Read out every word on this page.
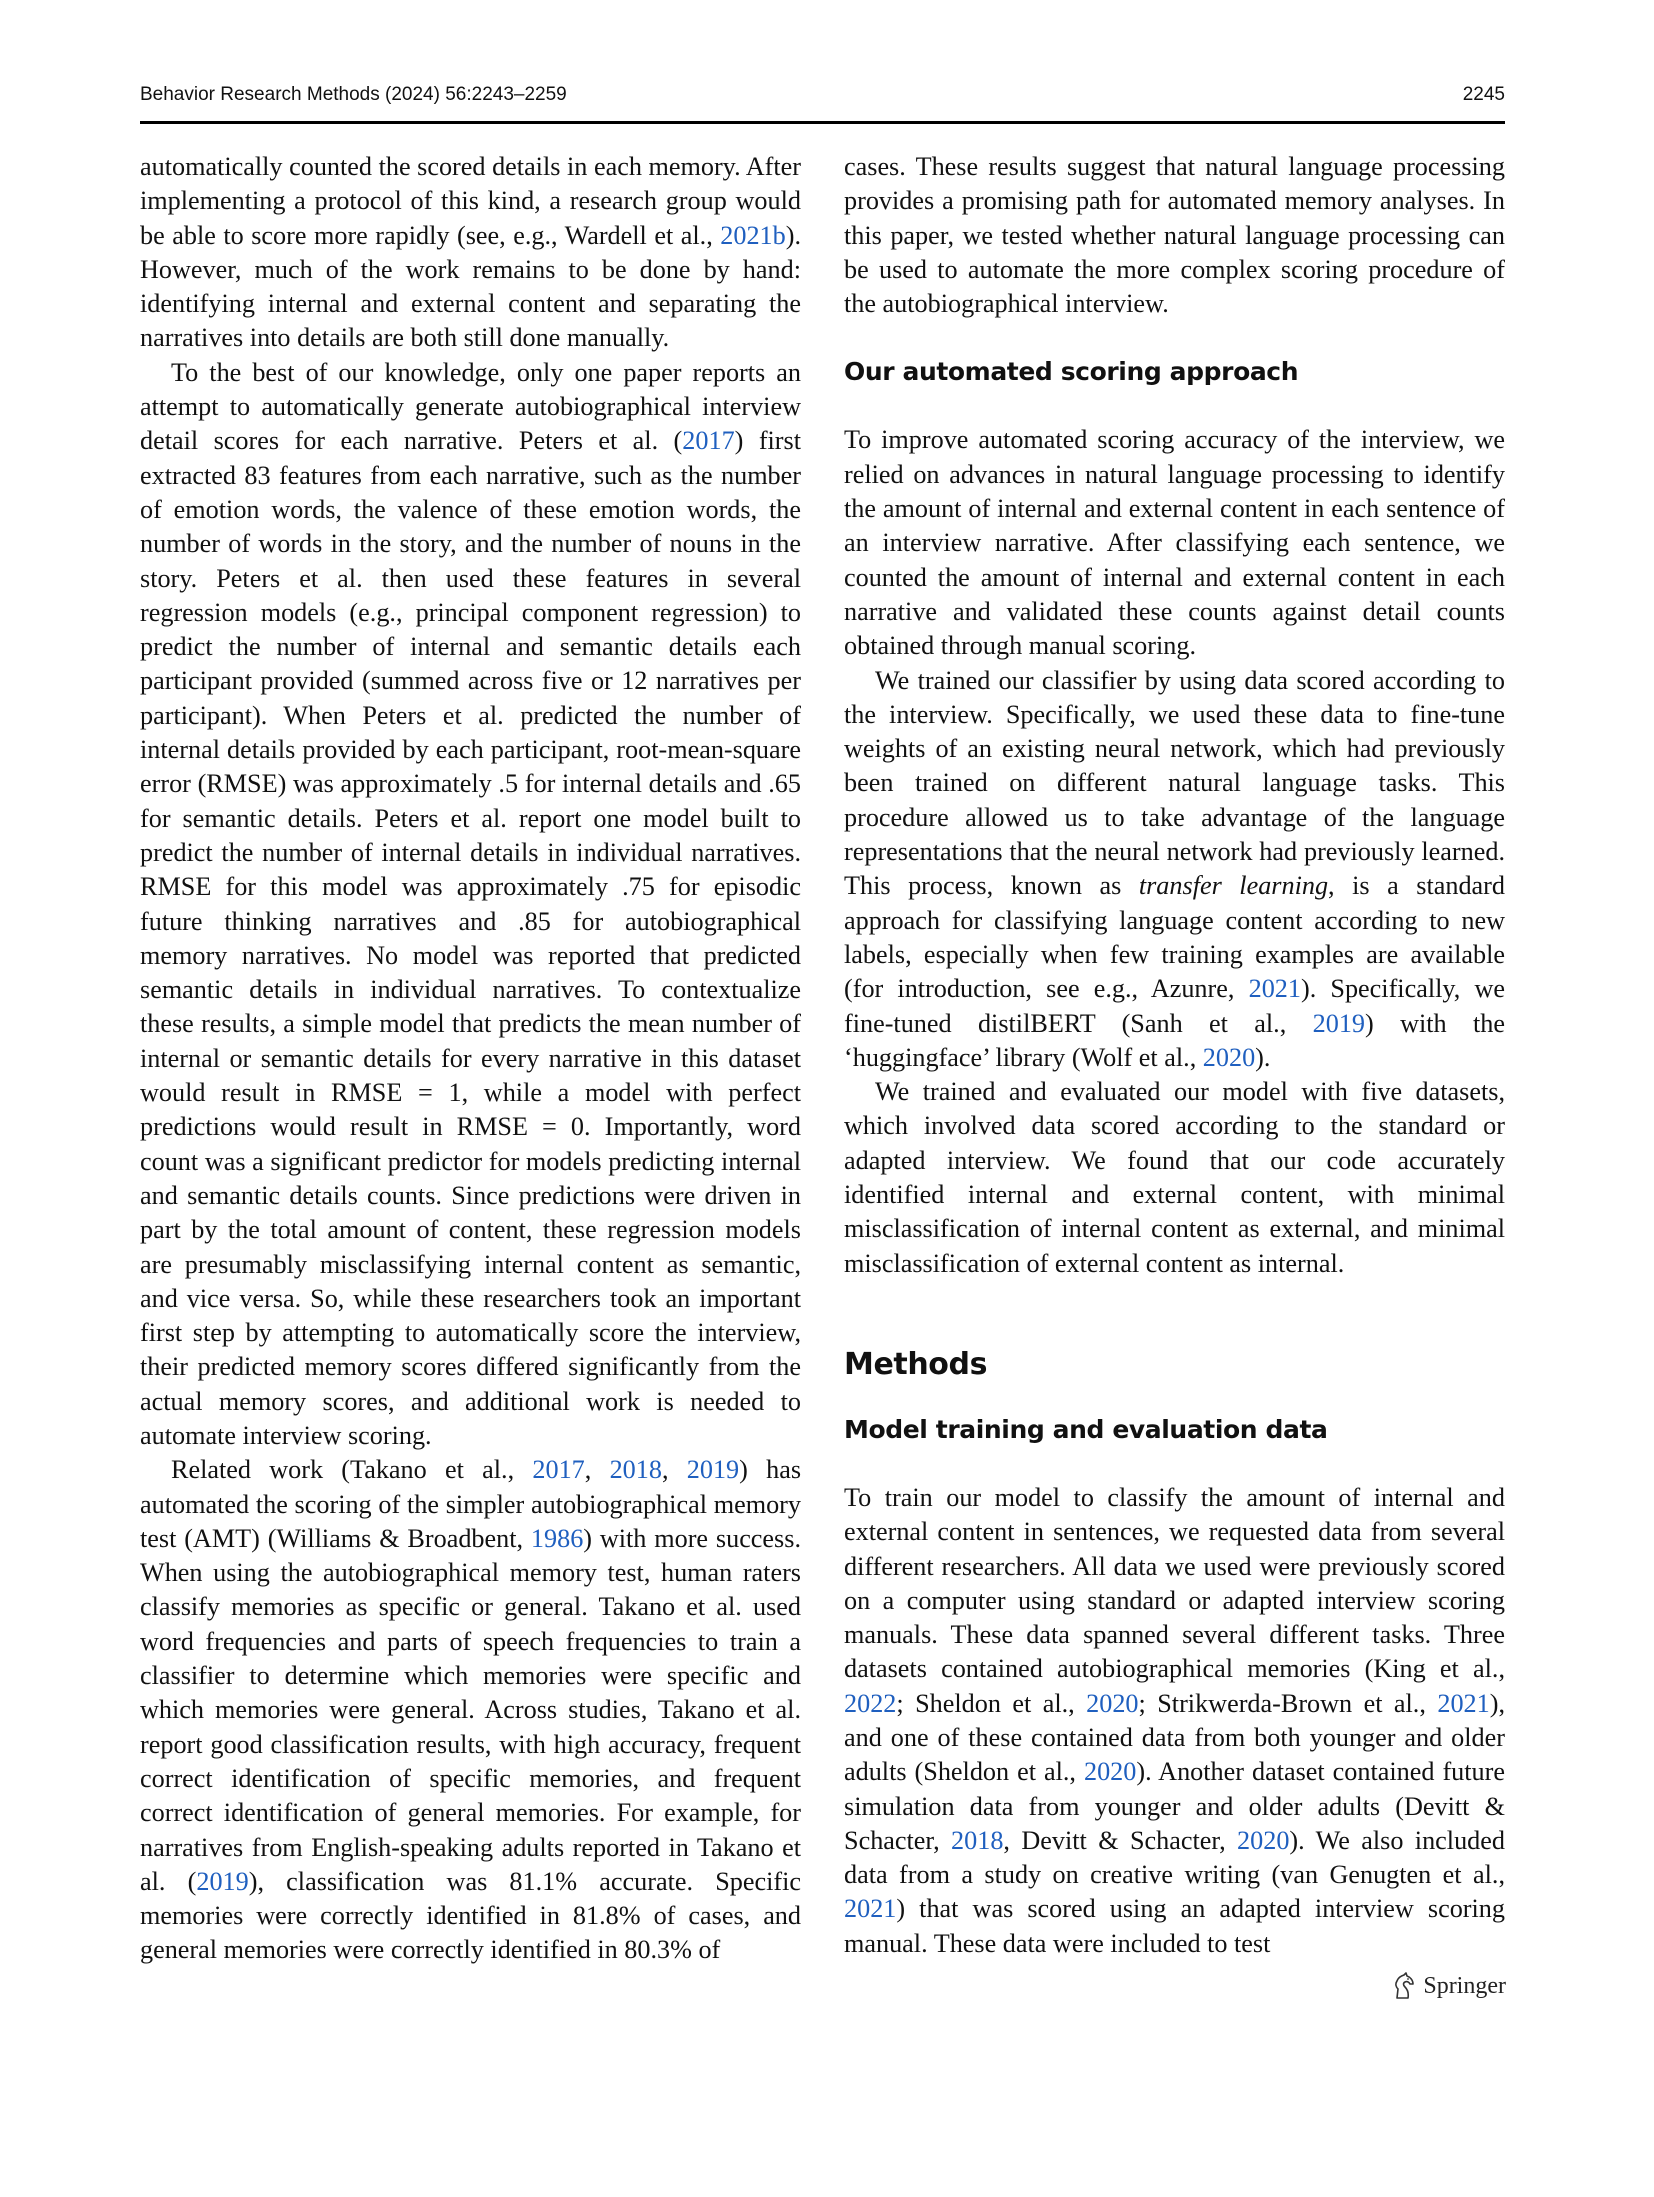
Behavior Research Methods (2024) 56:2243–2259	2245

automatically counted the scored details in each memory. After implementing a protocol of this kind, a research group would be able to score more rapidly (see, e.g., Wardell et al., 2021b). However, much of the work remains to be done by hand: identifying internal and external content and separating the narratives into details are both still done manually.

To the best of our knowledge, only one paper reports an attempt to automatically generate autobiographical interview detail scores for each narrative. Peters et al. (2017) first extracted 83 features from each narrative, such as the number of emotion words, the valence of these emotion words, the number of words in the story, and the number of nouns in the story. Peters et al. then used these features in several regression models (e.g., principal component regression) to predict the number of internal and semantic details each participant provided (summed across five or 12 narratives per participant). When Peters et al. predicted the number of internal details provided by each participant, root-mean-square error (RMSE) was approximately .5 for internal details and .65 for semantic details. Peters et al. report one model built to predict the number of internal details in individual narratives. RMSE for this model was approximately .75 for episodic future thinking narratives and .85 for autobiographical memory narratives. No model was reported that predicted semantic details in individual narratives. To contextualize these results, a simple model that predicts the mean number of internal or semantic details for every narrative in this dataset would result in RMSE = 1, while a model with perfect predictions would result in RMSE = 0. Importantly, word count was a significant predictor for models predicting internal and semantic details counts. Since predictions were driven in part by the total amount of content, these regression models are presumably misclassifying internal content as semantic, and vice versa. So, while these researchers took an important first step by attempting to automatically score the interview, their predicted memory scores differed significantly from the actual memory scores, and additional work is needed to automate interview scoring.

Related work (Takano et al., 2017, 2018, 2019) has automated the scoring of the simpler autobiographical memory test (AMT) (Williams & Broadbent, 1986) with more success. When using the autobiographical memory test, human raters classify memories as specific or general. Takano et al. used word frequencies and parts of speech frequencies to train a classifier to determine which memories were specific and which memories were general. Across studies, Takano et al. report good classification results, with high accuracy, frequent correct identification of specific memories, and frequent correct identification of general memories. For example, for narratives from English-speaking adults reported in Takano et al. (2019), classification was 81.1% accurate. Specific memories were correctly identified in 81.8% of cases, and general memories were correctly identified in 80.3% of

cases. These results suggest that natural language processing provides a promising path for automated memory analyses. In this paper, we tested whether natural language processing can be used to automate the more complex scoring procedure of the autobiographical interview.

Our automated scoring approach

To improve automated scoring accuracy of the interview, we relied on advances in natural language processing to identify the amount of internal and external content in each sentence of an interview narrative. After classifying each sentence, we counted the amount of internal and external content in each narrative and validated these counts against detail counts obtained through manual scoring.

We trained our classifier by using data scored according to the interview. Specifically, we used these data to fine-tune weights of an existing neural network, which had previously been trained on different natural language tasks. This procedure allowed us to take advantage of the language representations that the neural network had previously learned. This process, known as transfer learning, is a standard approach for classifying language content according to new labels, especially when few training examples are available (for introduction, see e.g., Azunre, 2021). Specifically, we fine-tuned distilBERT (Sanh et al., 2019) with the ‘huggingface’ library (Wolf et al., 2020).

We trained and evaluated our model with five datasets, which involved data scored according to the standard or adapted interview. We found that our code accurately identified internal and external content, with minimal misclassification of internal content as external, and minimal misclassification of external content as internal.

Methods
Model training and evaluation data

To train our model to classify the amount of internal and external content in sentences, we requested data from several different researchers. All data we used were previously scored on a computer using standard or adapted interview scoring manuals. These data spanned several different tasks. Three datasets contained autobiographical memories (King et al., 2022; Sheldon et al., 2020; Strikwerda-Brown et al., 2021), and one of these contained data from both younger and older adults (Sheldon et al., 2020). Another dataset contained future simulation data from younger and older adults (Devitt & Schacter, 2018, Devitt & Schacter, 2020). We also included data from a study on creative writing (van Genugten et al., 2021) that was scored using an adapted interview scoring manual. These data were included to test

Springer
